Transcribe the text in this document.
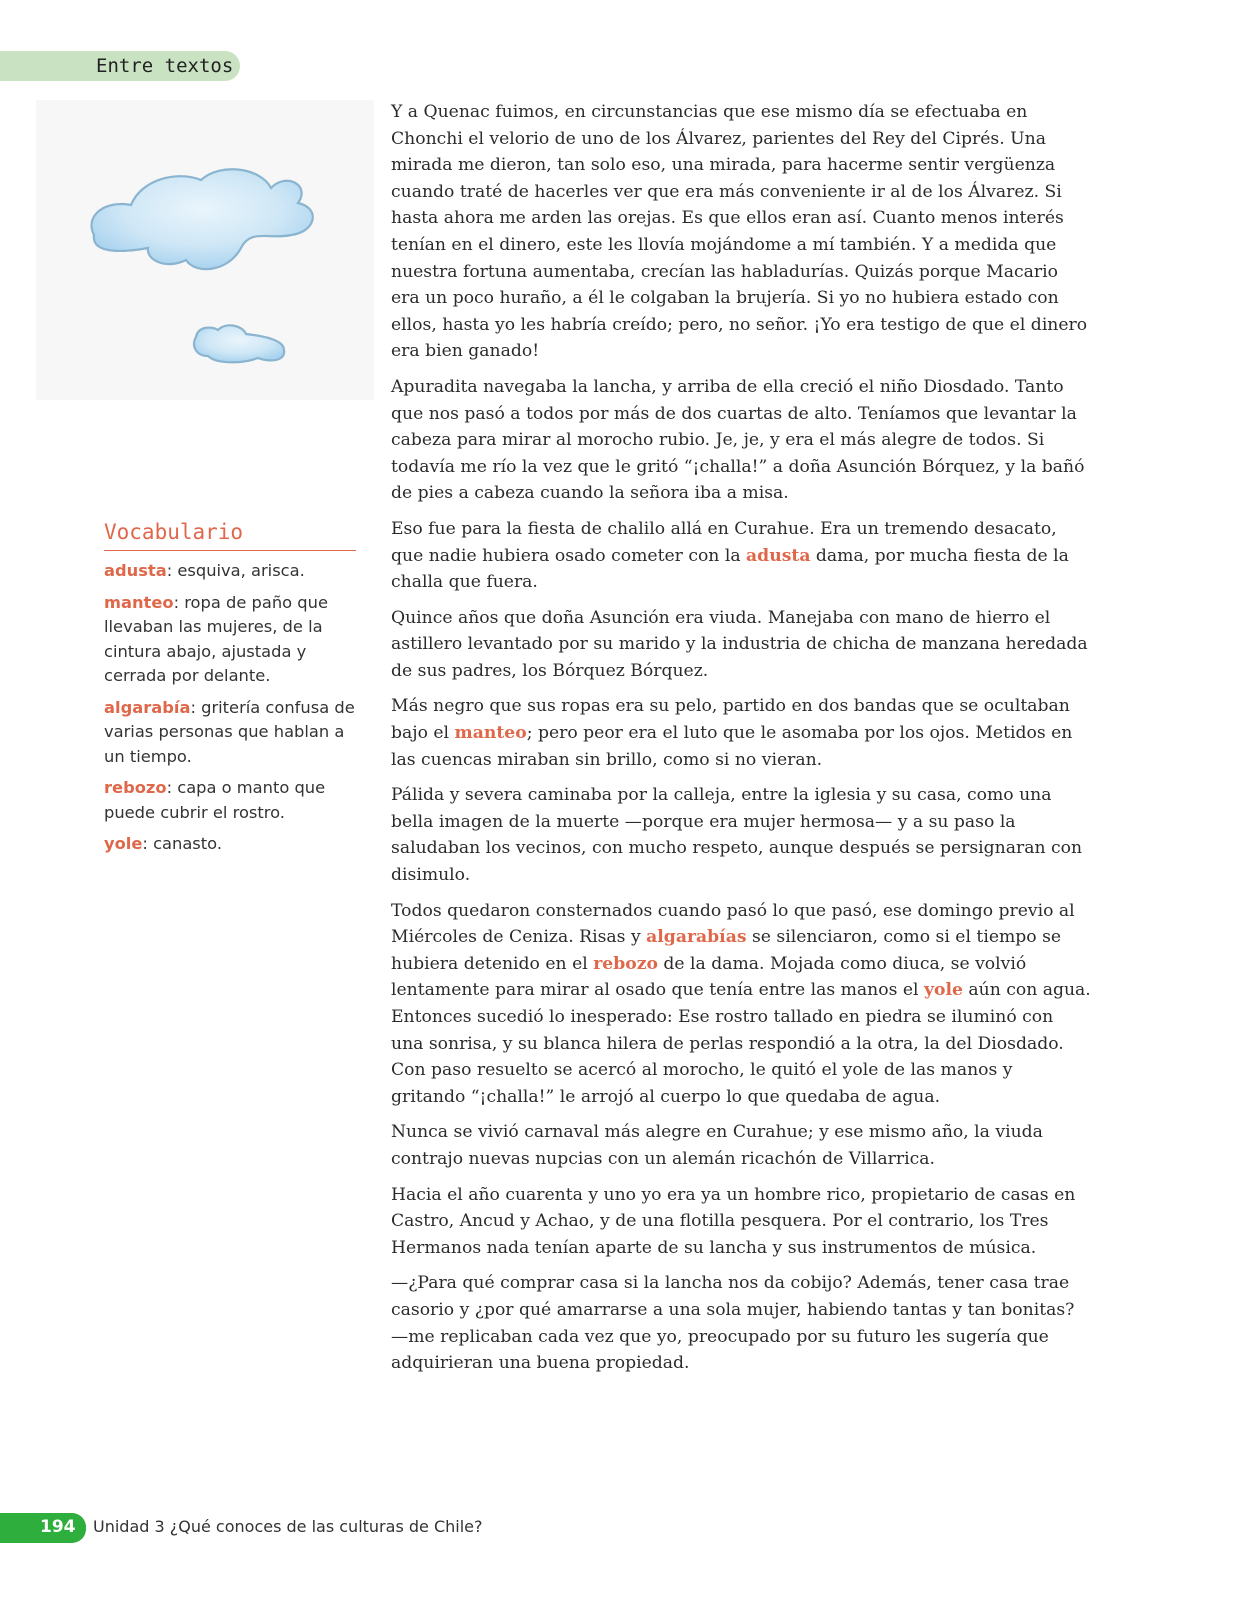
Entre textos
Vocabulario
adusta: esquiva, arisca.
manteo: ropa de paño que llevaban las mujeres, de la cintura abajo, ajustada y cerrada por delante.
algarabía: gritería confusa de varias personas que hablan a un tiempo.
rebozo: capa o manto que puede cubrir el rostro.
yole: canasto.

Y a Quenac fuimos, en circunstancias que ese mismo día se efectuaba en Chonchi el velorio de uno de los Álvarez, parientes del Rey del Ciprés. Una mirada me dieron, tan solo eso, una mirada, para hacerme sentir vergüenza cuando traté de hacerles ver que era más conveniente ir al de los Álvarez. Si hasta ahora me arden las orejas. Es que ellos eran así. Cuanto menos interés tenían en el dinero, este les llovía mojándome a mí también. Y a medida que nuestra fortuna aumentaba, crecían las habladurías. Quizás porque Macario era un poco huraño, a él le colgaban la brujería. Si yo no hubiera estado con ellos, hasta yo les habría creído; pero, no señor. ¡Yo era testigo de que el dinero era bien ganado!

Apuradita navegaba la lancha, y arriba de ella creció el niño Diosdado. Tanto que nos pasó a todos por más de dos cuartas de alto. Teníamos que levantar la cabeza para mirar al morocho rubio. Je, je, y era el más alegre de todos. Si todavía me río la vez que le gritó “¡challa!” a doña Asunción Bórquez, y la bañó de pies a cabeza cuando la señora iba a misa.

Eso fue para la fiesta de chalilo allá en Curahue. Era un tremendo desacato, que nadie hubiera osado cometer con la adusta dama, por mucha fiesta de la challa que fuera.

Quince años que doña Asunción era viuda. Manejaba con mano de hierro el astillero levantado por su marido y la industria de chicha de manzana heredada de sus padres, los Bórquez Bórquez.

Más negro que sus ropas era su pelo, partido en dos bandas que se ocultaban bajo el manteo; pero peor era el luto que le asomaba por los ojos. Metidos en las cuencas miraban sin brillo, como si no vieran.

Pálida y severa caminaba por la calleja, entre la iglesia y su casa, como una bella imagen de la muerte —porque era mujer hermosa— y a su paso la saludaban los vecinos, con mucho respeto, aunque después se persignaran con disimulo.

Todos quedaron consternados cuando pasó lo que pasó, ese domingo previo al Miércoles de Ceniza. Risas y algarabías se silenciaron, como si el tiempo se hubiera detenido en el rebozo de la dama. Mojada como diuca, se volvió lentamente para mirar al osado que tenía entre las manos el yole aún con agua. Entonces sucedió lo inesperado: Ese rostro tallado en piedra se iluminó con una sonrisa, y su blanca hilera de perlas respondió a la otra, la del Diosdado. Con paso resuelto se acercó al morocho, le quitó el yole de las manos y gritando “¡challa!” le arrojó al cuerpo lo que quedaba de agua.

Nunca se vivió carnaval más alegre en Curahue; y ese mismo año, la viuda contrajo nuevas nupcias con un alemán ricachón de Villarrica.

Hacia el año cuarenta y uno yo era ya un hombre rico, propietario de casas en Castro, Ancud y Achao, y de una flotilla pesquera. Por el contrario, los Tres Hermanos nada tenían aparte de su lancha y sus instrumentos de música.

—¿Para qué comprar casa si la lancha nos da cobijo? Además, tener casa trae casorio y ¿por qué amarrarse a una sola mujer, habiendo tantas y tan bonitas? —me replicaban cada vez que yo, preocupado por su futuro les sugería que adquirieran una buena propiedad.

194 Unidad 3 ¿Qué conoces de las culturas de Chile?
